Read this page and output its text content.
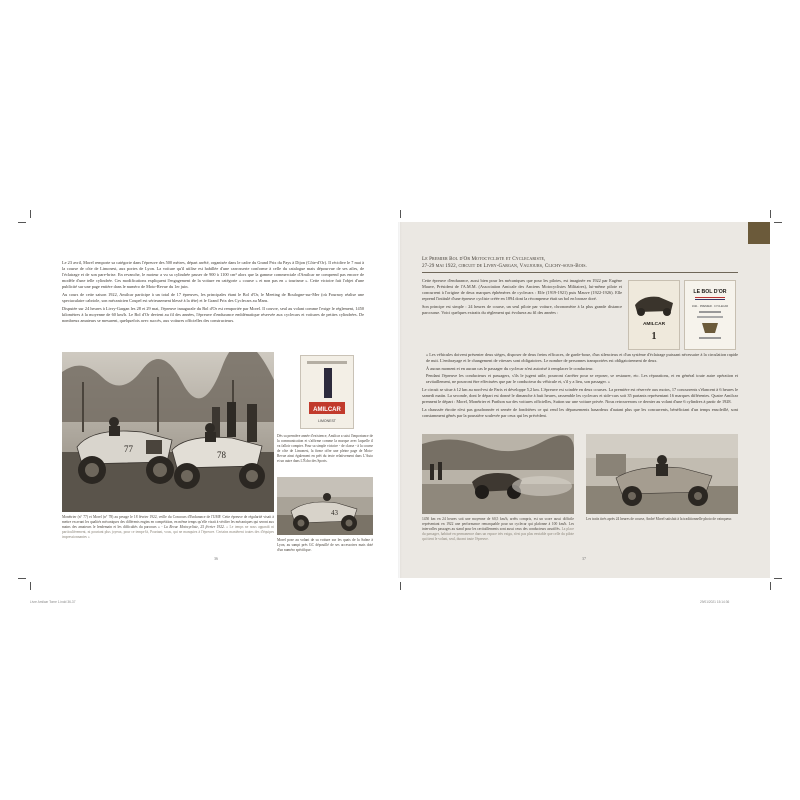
Le 23 avril, Morel remporte sa catégorie dans l'épreuve des 500 mètres, départ arrêté, organisée dans le cadre du Grand Prix du Pays à Dijon (Côte-d'Or). Il récidive le 7 mai à la course de côte de Limonest, aux portes de Lyon. La voiture qu'il utilise est habillée d'une carrosserie conforme à celle du catalogue mais dépourvue de ses ailes, de l'éclairage et de son pare-brise. En revanche, le moteur a vu sa cylindrée passer de 900 à 1100 cm³ alors que la gamme commerciale d'Amilcar ne comprend pas encore de modèle d'une telle cylindrée. Ces modifications expliquent l'engagement de la voiture en catégorie « course » et non pas en « tourisme ». Cette victoire fait l'objet d'une publicité sur une page entière dans le numéro de Moto-Revue du 1er juin.

Au cours de cette saison 1922, Amilcar participe à un total de 17 épreuves, les principales étant le Bol d'Or, le Meeting de Boulogne-sur-Mer (où Fournoy réalise une spectaculaire cabriole, son mécanicien Coupel est sérieusement blessé à la tête) et le Grand Prix des Cyclecars au Mans.

Disputée sur 24 heures à Livry-Gargan les 28 et 29 mai, l'épreuve inaugurale du Bol d'Or est remportée par Morel. Il couvre, seul au volant comme l'exige le règlement, 1450 kilomètres à la moyenne de 60 km/h. Le Bol d'Or devient au fil des années, l'épreuve d'endurance emblématique réservée aux cyclecars et voitures de petites cylindrées. De nombreux amateurs se mesurent, quelquefois avec succès, aux voitures officielles des constructeurs.

77
78
Monétrier (n° 77) et Morel (n° 78) au pesage le 18 février 1922, veille du Concours d'Endurance de l'UMF. Cette épreuve de régularité visait à mettre en avant les qualités mécaniques des différents engins en compétition, en même temps qu'elle visait à vérifier les mécaniques qui seront aux mains des amateurs le lendemain et les difficultés du parcours » - La Revue Motocycliste, 25 février 1922. « Le temps ne nous apparaît ni particulièrement, ni pourtant plus joyeux, pour ce temps-là, Pourtant, vous, qui ne manquiez à l'épreuve. Certains manièrent toutes des d'équipes impressionnantes »
AMILCAR
LIMONEST
Dès sa première année d'existence, Amilcar a saisi l'importance de la communication et s'affirme comme la marque avec laquelle il va falloir compter. Pour sa simple victoire - de classe - à la course de côte de Limonest, la firme offre une pleine page de Moto-Revue ainsi également en prêt du texte relativement dans L'Auto et un autre dans L'Écho des Sports.
43
Morel pose au volant de sa voiture sur les quais de la Saône à Lyon, au sampt près GC dépouillé de ses accessoires mais doté d'un numéro spécifique.
36
Le Premier Bol d'Or Motocycliste et Cyclecariste,
27-29 mai 1922, circuit de Livry-Gargan, Vaujours, Clichy-sous-Bois.

Cette épreuve d'endurance, aussi bien pour les mécaniques que pour les pilotes, est imaginée en 1922 par Eugène Mauve, Président de l'A.M.M. (Association Amicale des Anciens Motocyclistes Militaires), lui-même pilote et concurrent à l'origine de deux marques éphémères de cyclecars : Elfe (1919-1921) puis Mauve (1922-1926). Elle reprend l'intitulé d'une épreuve cycliste créée en 1894 dont la récompense était un bol en bronze doré.

Son principe est simple : 24 heures de course, un seul pilote par voiture, chronomètre à la plus grande distance parcourue. Voici quelques extraits du règlement qui évoluera au fil des années :

AMILCAR
1
LE BOL D'OR
1921 · PREMIER · CYCLECAR

« Les véhicules doivent présenter deux sièges, disposer de deux freins efficaces, de garde-boue, d'un silencieux et d'un système d'éclairage puissant nécessaire à la circulation rapide de nuit. L'embrayage et le changement de vitesses sont obligatoires. Le nombre de personnes transportées est obligatoirement de deux.

À aucun moment et en aucun cas le passager du cyclecar n'est autorisé à remplacer le conducteur.

Pendant l'épreuve les conducteurs et passagers, s'ils le jugent utile, pourront s'arrêter pour se reposer, se restaurer, etc. Les réparations, et en général toute autre opération et ravitaillement, ne pourront être effectuées que par le conducteur du véhicule et, s'il y a lieu, son passager. »

Le circuit se situe à 12 km au nord-est de Paris et développe 5,2 km. L'épreuve est scindée en deux courses. La première est réservée aux motos, 17 concurrents s'élancent à 6 heures le samedi matin. La seconde, dont le départ est donné le dimanche à huit heures, rassemble les cyclecars et side-cars soit 35 partants représentant 16 marques différentes. Quatre Amilcar prennent le départ : Morel, Monétrier et Parthon sur des voitures officielles, Sutton sur une voiture privée. Nous retrouverons ce dernier au volant d'une 6 cylindres à partir de 1928.

La chaussée étroite n'est pas goudronnée et semée de fondrières ce qui rend les dépassements hasardeux d'autant plus que les concurrents, bénéficiant d'un temps ensoleillé, sont constamment gênés par la poussière soulevée par ceux qui les précèdent.

1450 km en 24 heures soit une moyenne de 60,5 km/h, arrêts compris, est un score aussi difficile représentant en 1922 une performance remarquable pour un cyclecar qui plafonne à 100 km/h. Les intervalles passages au stand pour les ravitaillements sont aussi ceux des conducteurs assoiffés. La place du passager, habitué en permanence dans un espace très exigu, n'est pas plus enviable que celle du pilote qui tient le volant, seul, durant toute l'épreuve.
Les traits tirés après 24 heures de course, André Morel satisfait à la traditionnelle photo de vainqueur.
37
Livre Amilcar Tome 1.indd 36-37	29/01/2021 15:14:36
